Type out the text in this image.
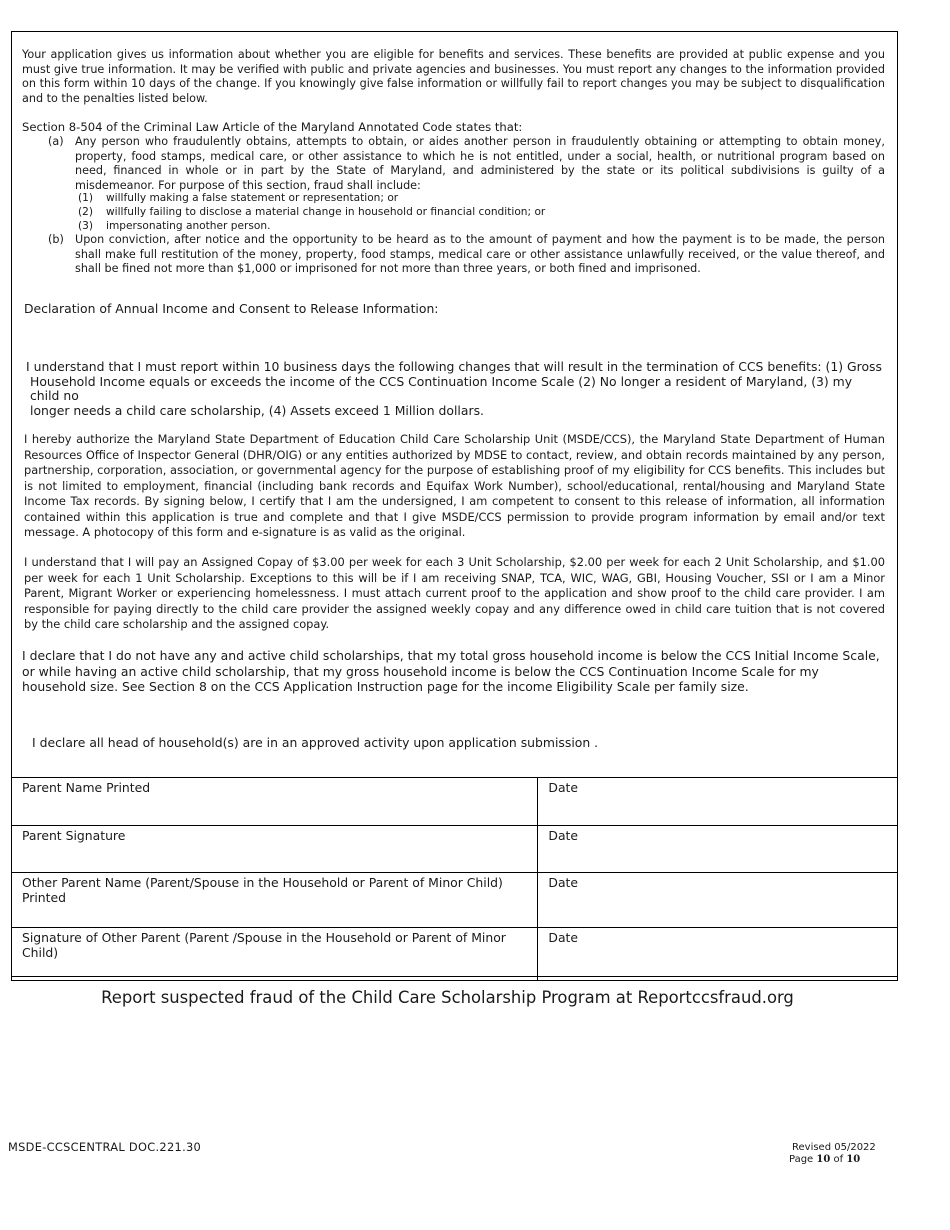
Your application gives us information about whether you are eligible for benefits and services. These benefits are provided at public expense and you must give true information. It may be verified with public and private agencies and businesses. You must report any changes to the information provided on this form within 10 days of the change. If you knowingly give false information or willfully fail to report changes you may be subject to disqualification and to the penalties listed below.

Section 8-504 of the Criminal Law Article of the Maryland Annotated Code states that:

(a) Any person who fraudulently obtains, attempts to obtain, or aides another person in fraudulently obtaining or attempting to obtain money, property, food stamps, medical care, or other assistance to which he is not entitled, under a social, health, or nutritional program based on need, financed in whole or in part by the State of Maryland, and administered by the state or its political subdivisions is guilty of a misdemeanor. For purpose of this section, fraud shall include:
(1) willfully making a false statement or representation; or
(2) willfully failing to disclose a material change in household or financial condition; or
(3) impersonating another person.
(b) Upon conviction, after notice and the opportunity to be heard as to the amount of payment and how the payment is to be made, the person shall make full restitution of the money, property, food stamps, medical care or other assistance unlawfully received, or the value thereof, and shall be fined not more than $1,000 or imprisoned for not more than three years, or both fined and imprisoned.

Declaration of Annual Income and Consent to Release Information:

I understand that I must report within 10 business days the following changes that will result in the termination of CCS benefits: (1) Gross
Household Income equals or exceeds the income of the CCS Continuation Income Scale (2) No longer a resident of Maryland, (3) my child no
longer needs a child care scholarship, (4) Assets exceed 1 Million dollars.

I hereby authorize the Maryland State Department of Education Child Care Scholarship Unit (MSDE/CCS), the Maryland State Department of Human Resources Office of Inspector General (DHR/OIG) or any entities authorized by MDSE to contact, review, and obtain records maintained by any person, partnership, corporation, association, or governmental agency for the purpose of establishing proof of my eligibility for CCS benefits. This includes but is not limited to employment, financial (including bank records and Equifax Work Number), school/educational, rental/housing and Maryland State Income Tax records. By signing below, I certify that I am the undersigned, I am competent to consent to this release of information, all information contained within this application is true and complete and that I give MSDE/CCS permission to provide program information by email and/or text message. A photocopy of this form and e-signature is as valid as the original.

I understand that I will pay an Assigned Copay of $3.00 per week for each 3 Unit Scholarship, $2.00 per week for each 2 Unit Scholarship, and $1.00 per week for each 1 Unit Scholarship. Exceptions to this will be if I am receiving SNAP, TCA, WIC, WAG, GBI, Housing Voucher, SSI or I am a Minor Parent, Migrant Worker or experiencing homelessness. I must attach current proof to the application and show proof to the child care provider. I am responsible for paying directly to the child care provider the assigned weekly copay and any difference owed in child care tuition that is not covered by the child care scholarship and the assigned copay.

I declare that I do not have any and active child scholarships, that my total gross household income is below the CCS Initial Income Scale, or while having an active child scholarship, that my gross household income is below the CCS Continuation Income Scale for my household size. See Section 8 on the CCS Application Instruction page for the income Eligibility Scale per family size.

I declare all head of household(s) are in an approved activity upon application submission .

Parent Name Printed	Date
Parent Signature	Date
Other Parent Name (Parent/Spouse in the Household or Parent of Minor Child) Printed	Date
Signature of Other Parent (Parent /Spouse in the Household or Parent of Minor Child)	Date
Report suspected fraud of the Child Care Scholarship Program at Reportccsfraud.org
MSDE-CCSCENTRAL DOC.221.30	Revised 05/2022
Page 10 of 10
